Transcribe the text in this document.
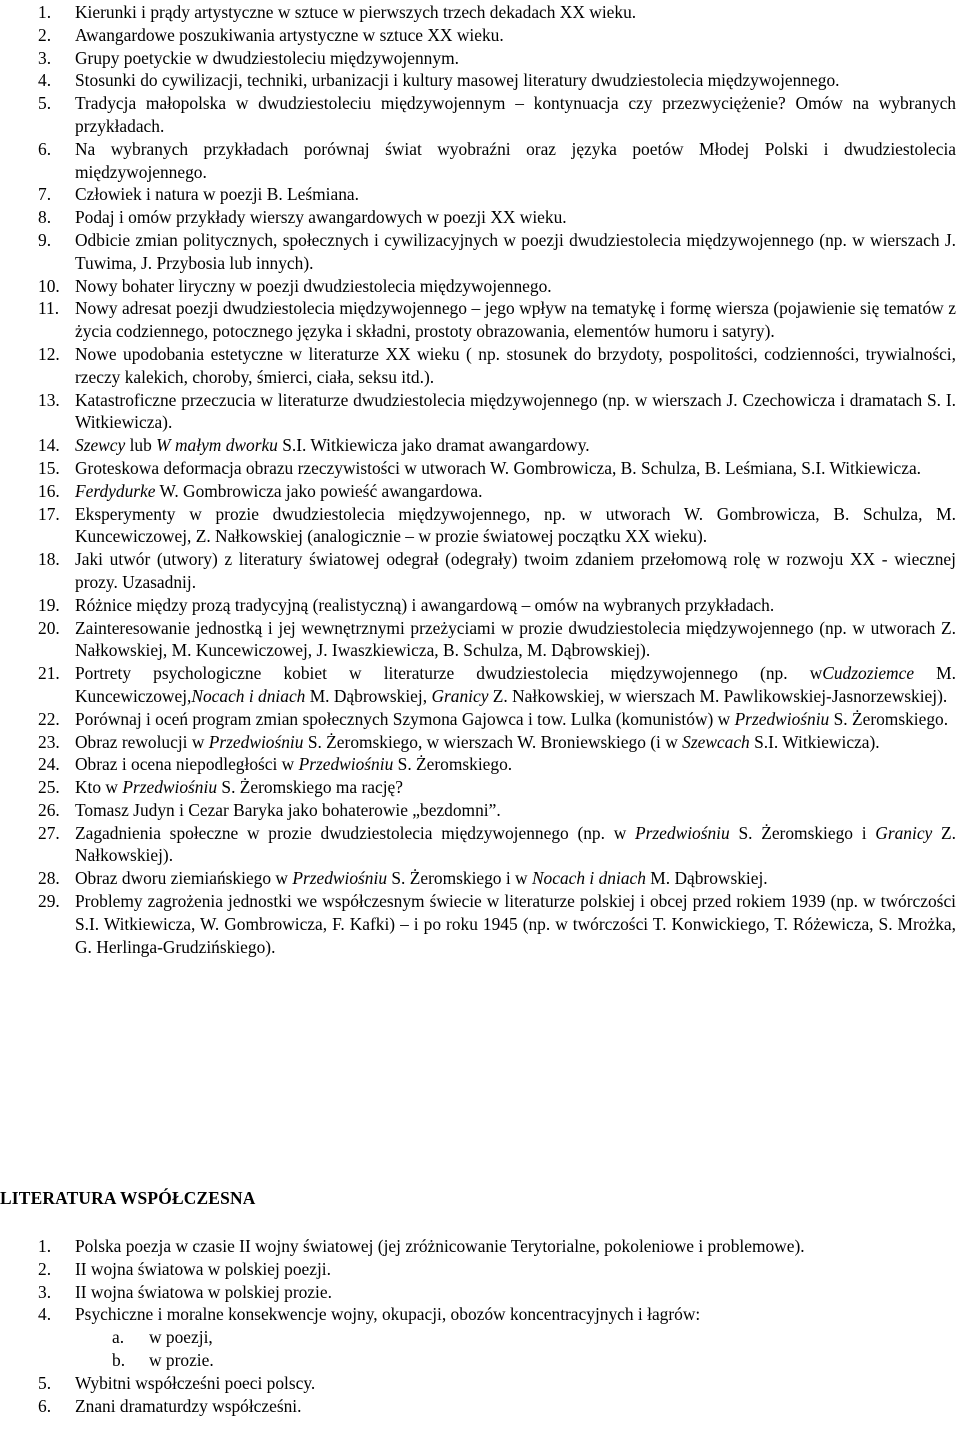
1. Kierunki i prądy artystyczne w sztuce w pierwszych trzech dekadach XX wieku.
2. Awangardowe poszukiwania artystyczne w sztuce XX wieku.
3. Grupy poetyckie w dwudziestoleciu międzywojennym.
4. Stosunki do cywilizacji, techniki, urbanizacji i kultury masowej literatury dwudziestolecia międzywojennego.
5. Tradycja małopolska w dwudziestoleciu międzywojennym – kontynuacja czy przezwyciężenie? Omów na wybranych przykładach.
6. Na wybranych przykładach porównaj świat wyobraźni oraz języka poetów Młodej Polski i dwudziestolecia międzywojennego.
7. Człowiek i natura w poezji B. Leśmiana.
8. Podaj i omów przykłady wierszy awangardowych w poezji XX wieku.
9. Odbicie zmian politycznych, społecznych i cywilizacyjnych w poezji dwudziestolecia międzywojennego (np. w wierszach J. Tuwima, J. Przybosia lub innych).
10. Nowy bohater liryczny w poezji dwudziestolecia międzywojennego.
11. Nowy adresat poezji dwudziestolecia międzywojennego – jego wpływ na tematykę i formę wiersza (pojawienie się tematów z życia codziennego, potocznego języka i składni, prostoty obrazowania, elementów humoru i satyry).
12. Nowe upodobania estetyczne w literaturze XX wieku ( np. stosunek do brzydoty, pospolitości, codzienności, trywialności, rzeczy kalekich, choroby, śmierci, ciała, seksu itd.).
13. Katastroficzne przeczucia w literaturze dwudziestolecia międzywojennego (np. w wierszach J. Czechowicza i dramatach S. I. Witkiewicza).
14. Szewcy lub W małym dworku S.I. Witkiewicza jako dramat awangardowy.
15. Groteskowa deformacja obrazu rzeczywistości w utworach W. Gombrowicza, B. Schulza, B. Leśmiana, S.I. Witkiewicza.
16. Ferdydurke W. Gombrowicza jako powieść awangardowa.
17. Eksperymenty w prozie dwudziestolecia międzywojennego, np. w utworach W. Gombrowicza, B. Schulza, M. Kuncewiczowej, Z. Nałkowskiej (analogicznie – w prozie światowej początku XX wieku).
18. Jaki utwór (utwory) z literatury światowej odegrał (odegrały) twoim zdaniem przełomową rolę w rozwoju XX - wiecznej prozy. Uzasadnij.
19. Różnice między prozą tradycyjną (realistyczną) i awangardową – omów na wybranych przykładach.
20. Zainteresowanie jednostką i jej wewnętrznymi przeżyciami w prozie dwudziestolecia międzywojennego (np. w utworach Z. Nałkowskiej, M. Kuncewiczowej, J. Iwaszkiewicza, B. Schulza, M. Dąbrowskiej).
21. Portrety psychologiczne kobiet w literaturze dwudziestolecia międzywojennego (np. wCudzoziemce M. Kuncewiczowej,Nocach i dniach M. Dąbrowskiej, Granicy Z. Nałkowskiej, w wierszach M. Pawlikowskiej-Jasnorzewskiej).
22. Porównaj i oceń program zmian społecznych Szymona Gajowca i tow. Lulka (komunistów) w Przedwiośniu S. Żeromskiego.
23. Obraz rewolucji w Przedwiośniu S. Żeromskiego, w wierszach W. Broniewskiego (i w Szewcach S.I. Witkiewicza).
24. Obraz i ocena niepodległości w Przedwiośniu S. Żeromskiego.
25. Kto w Przedwiośniu S. Żeromskiego ma rację?
26. Tomasz Judyn i Cezar Baryka jako bohaterowie „bezdomni”.
27. Zagadnienia społeczne w prozie dwudziestolecia międzywojennego (np. w Przedwiośniu S. Żeromskiego i Granicy Z. Nałkowskiej).
28. Obraz dworu ziemiańskiego w Przedwiośniu S. Żeromskiego i w Nocach i dniach M. Dąbrowskiej.
29. Problemy zagrożenia jednostki we współczesnym świecie w literaturze polskiej i obcej przed rokiem 1939 (np. w twórczości S.I. Witkiewicza, W. Gombrowicza, F. Kafki) – i po roku 1945 (np. w twórczości T. Konwickiego, T. Różewicza, S. Mrożka, G. Herlinga-Grudzińskiego).
LITERATURA WSPÓŁCZESNA
1. Polska poezja w czasie II wojny światowej (jej zróżnicowanie Terytorialne, pokoleniowe i problemowe).
2. II wojna światowa w polskiej poezji.
3. II wojna światowa w polskiej prozie.
4. Psychiczne i moralne konsekwencje wojny, okupacji, obozów koncentracyjnych i łagrów:
a. w poezji,
b. w prozie.
5. Wybitni współcześni poeci polscy.
6. Znani dramaturdzy współcześni.
